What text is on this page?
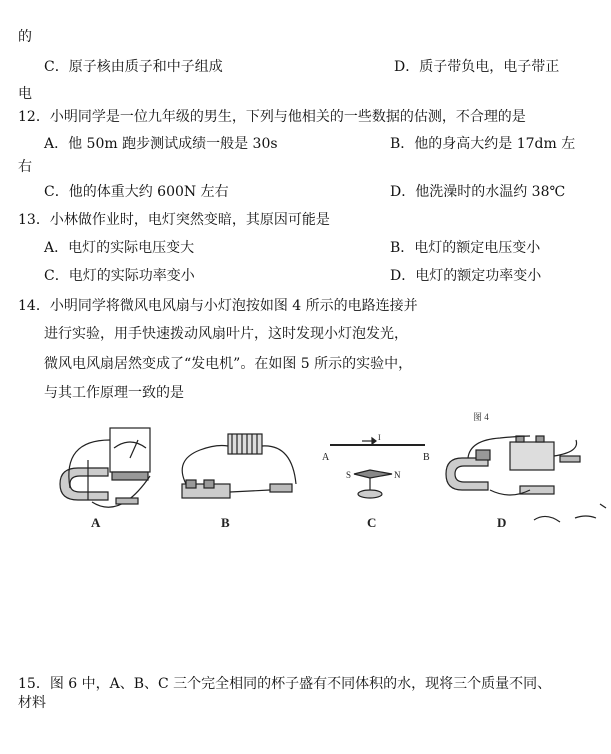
的
C．原子核由质子和中子组成	D．质子带负电，电子带正
电
12．小明同学是一位九年级的男生，下列与他相关的一些数据的估测，不合理的是
A．他 50m 跑步测试成绩一般是 30s	B．他的身高大约是 17dm 左
右
C．他的体重大约 600N 左右	D．他洗澡时的水温约 38℃
13．小林做作业时，电灯突然变暗，其原因可能是
A．电灯的实际电压变大	B．电灯的额定电压变小
C．电灯的实际功率变小	D．电灯的额定功率变小
14．小明同学将微风电风扇与小灯泡按如图 4 所示的电路连接并
进行实验，用手快速拨动风扇叶片，这时发现小灯泡发光，
微风电风扇居然变成了“发电机”。在如图 5 所示的实验中，
与其工作原理一致的是
图 4
I
A	B
S	N
A	B	C	D
15．图 6 中，A、B、C 三个完全相同的杯子盛有不同体积的水，现将三个质量不同、
材料
